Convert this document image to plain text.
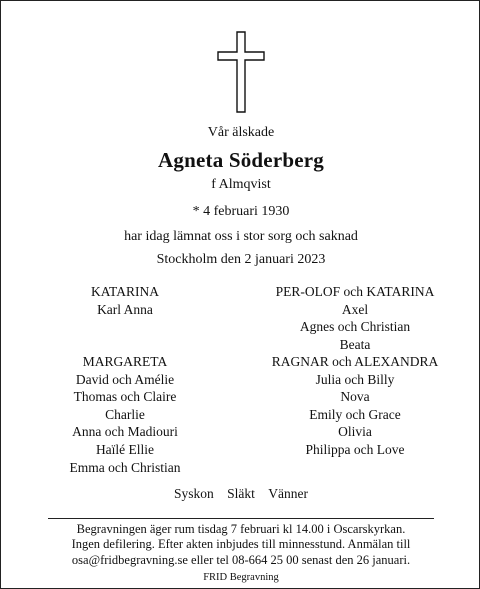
Vår älskade
Agneta Söderberg
f Almqvist
* 4 februari 1930
har idag lämnat oss i stor sorg och saknad
Stockholm den 2 januari 2023
KATARINA
Karl Anna
PER-OLOF och KATARINA
Axel
Agnes och Christian
Beata
MARGARETA
David och Amélie
Thomas och Claire
Charlie
Anna och Madiouri
Haïlé Ellie
Emma och Christian
RAGNAR och ALEXANDRA
Julia och Billy
Nova
Emily och Grace
Olivia
Philippa och Love
Syskon Släkt Vänner
Begravningen äger rum tisdag 7 februari kl 14.00 i Oscarskyrkan.
Ingen defilering. Efter akten inbjudes till minnesstund. Anmälan till
osa@fridbegravning.se eller tel 08-664 25 00 senast den 26 januari.
FRID Begravning
